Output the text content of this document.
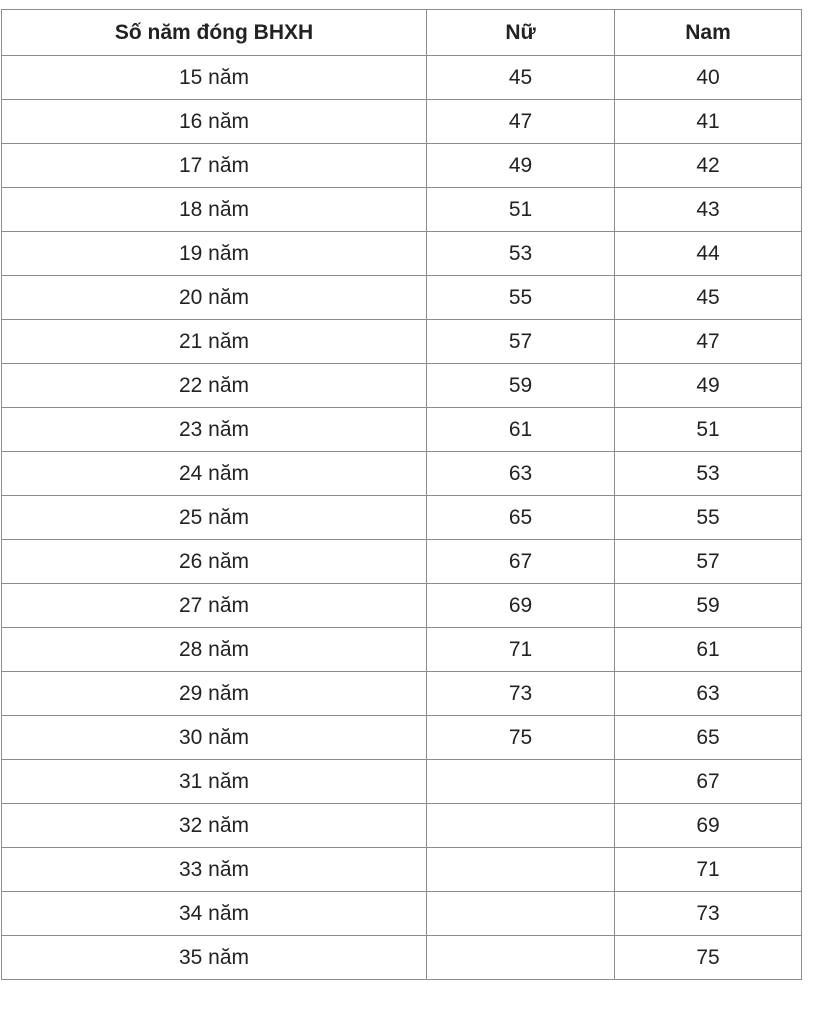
Số năm đóng BHXH	Nữ	Nam
15 năm	45	40
16 năm	47	41
17 năm	49	42
18 năm	51	43
19 năm	53	44
20 năm	55	45
21 năm	57	47
22 năm	59	49
23 năm	61	51
24 năm	63	53
25 năm	65	55
26 năm	67	57
27 năm	69	59
28 năm	71	61
29 năm	73	63
30 năm	75	65
31 năm		67
32 năm		69
33 năm		71
34 năm		73
35 năm		75
